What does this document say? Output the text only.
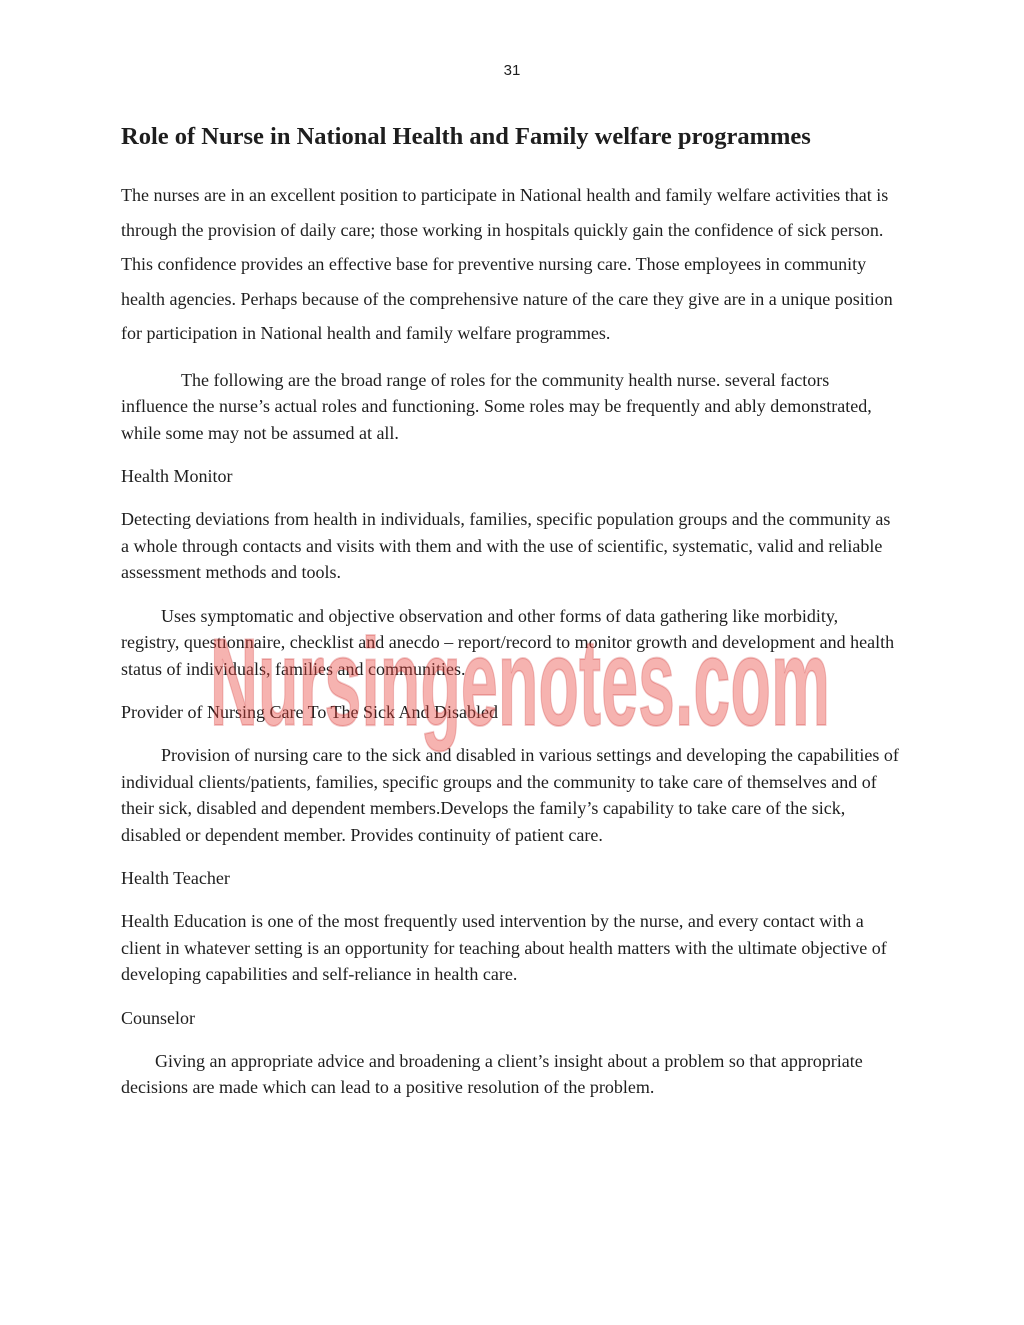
31
Role of Nurse in National Health and Family welfare programmes

The nurses are in an excellent position to participate in National health and family welfare activities that is through the provision of daily care; those working in hospitals quickly gain the confidence of sick person. This confidence provides an effective base for preventive nursing care. Those employees in community health agencies. Perhaps because of the comprehensive nature of the care they give are in a unique position for participation in National health and family welfare programmes.

The following are the broad range of roles for the community health nurse. several factors influence the nurse’s actual roles and functioning. Some roles may be frequently and ably demonstrated, while some may not be assumed at all.

Health Monitor

Detecting deviations from health in individuals, families, specific population groups and the community as a whole through contacts and visits with them and with the use of scientific, systematic, valid and reliable assessment methods and tools.

Uses symptomatic and objective observation and other forms of data gathering like morbidity, registry, questionnaire, checklist and anecdo – report/record to monitor growth and development and health status of individuals, families and communities.

Provider of Nursing Care To The Sick And Disabled

Provision of nursing care to the sick and disabled in various settings and developing the capabilities of individual clients/patients, families, specific groups and the community to take care of themselves and of their sick, disabled and dependent members.Develops the family’s capability to take care of the sick, disabled or dependent member. Provides continuity of patient care.

Health Teacher

Health Education is one of the most frequently used intervention by the nurse, and every contact with a client in whatever setting is an opportunity for teaching about health matters with the ultimate objective of developing capabilities and self-reliance in health care.

Counselor

Giving an appropriate advice and broadening a client’s insight about a problem so that appropriate decisions are made which can lead to a positive resolution of the problem.

Nursingenotes.com
